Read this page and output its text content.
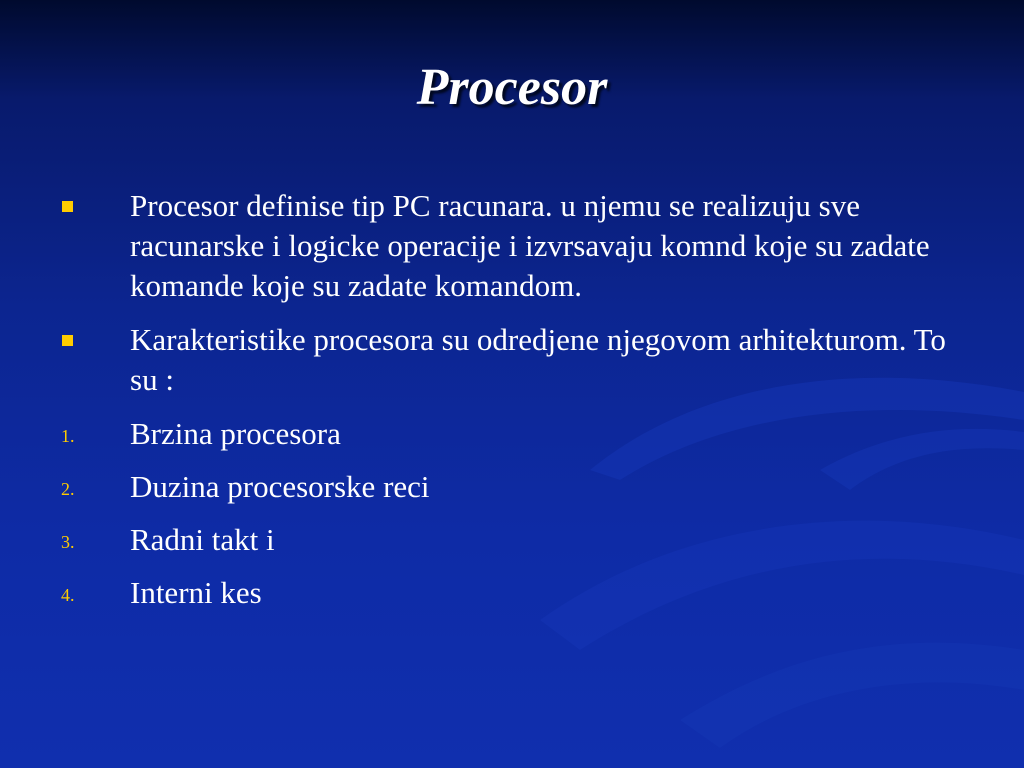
Procesor
Procesor definise tip PC racunara. u njemu se realizuju sve racunarske i logicke operacije i izvrsavaju komnd koje su zadate komande koje su zadate komandom.
Karakteristike procesora su odredjene njegovom arhitekturom. To su :
1. Brzina procesora
2. Duzina procesorske reci
3. Radni takt i
4. Interni kes
